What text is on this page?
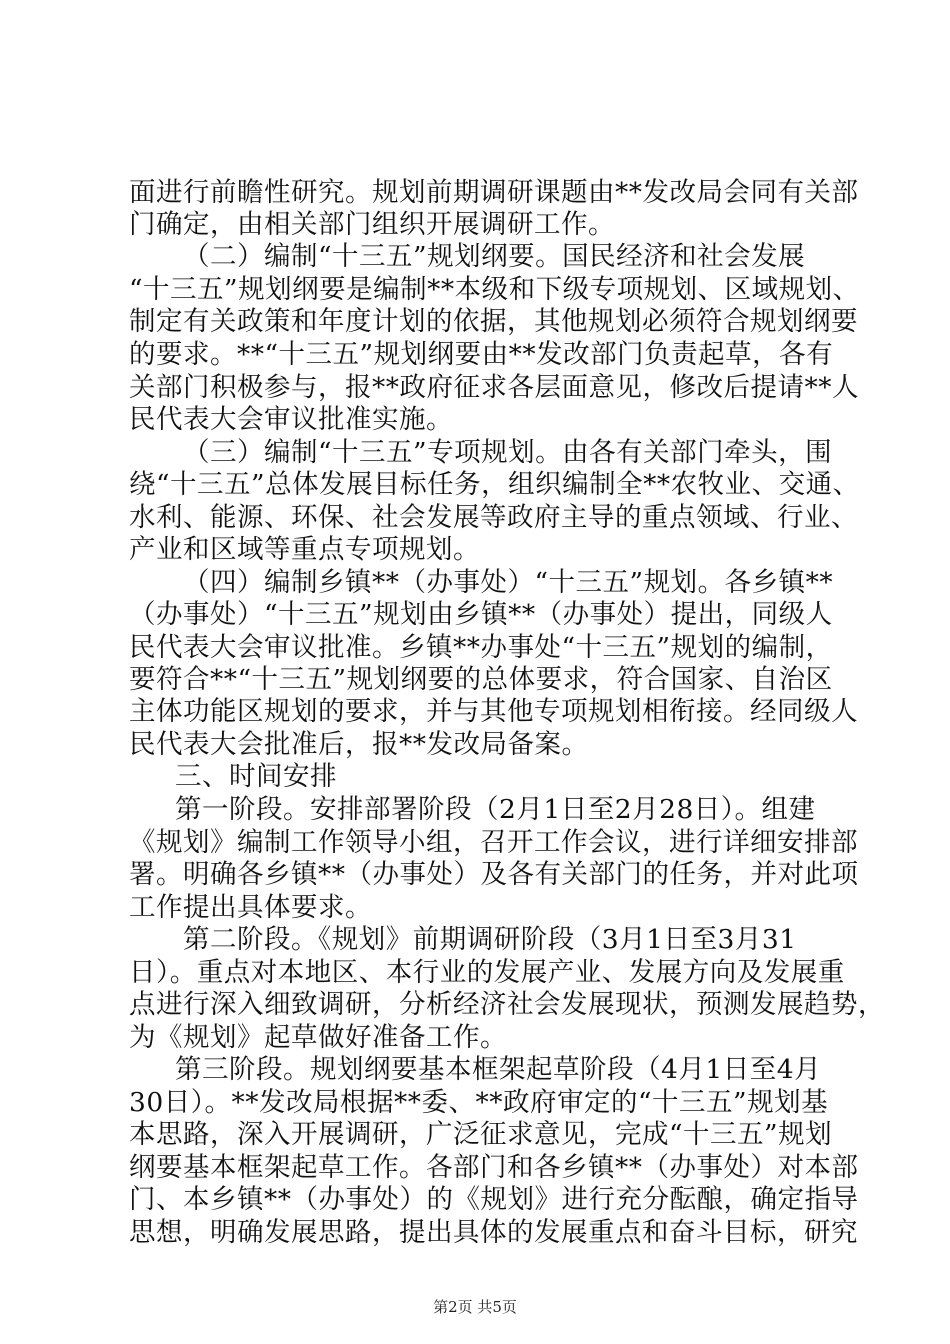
面进行前瞻性研究。规划前期调研课题由**发改局会同有关部
门确定，由相关部门组织开展调研工作。
（二）编制“十三五”规划纲要。国民经济和社会发展
“十三五”规划纲要是编制**本级和下级专项规划、区域规划、
制定有关政策和年度计划的依据，其他规划必须符合规划纲要
的要求。**“十三五”规划纲要由**发改部门负责起草，各有
关部门积极参与，报**政府征求各层面意见，修改后提请**人
民代表大会审议批准实施。
（三）编制“十三五”专项规划。由各有关部门牵头，围
绕“十三五”总体发展目标任务，组织编制全**农牧业、交通、
水利、能源、环保、社会发展等政府主导的重点领域、行业、
产业和区域等重点专项规划。
（四）编制乡镇**（办事处）“十三五”规划。各乡镇**
（办事处）“十三五”规划由乡镇**（办事处）提出，同级人
民代表大会审议批准。乡镇**办事处“十三五”规划的编制，
要符合**“十三五”规划纲要的总体要求，符合国家、自治区
主体功能区规划的要求，并与其他专项规划相衔接。经同级人
民代表大会批准后，报**发改局备案。
三、时间安排
第一阶段。安排部署阶段（2月1日至2月28日）。组建
《规划》编制工作领导小组，召开工作会议，进行详细安排部
署。明确各乡镇**（办事处）及各有关部门的任务，并对此项
工作提出具体要求。
第二阶段。《规划》前期调研阶段（3月1日至3月31
日）。重点对本地区、本行业的发展产业、发展方向及发展重
点进行深入细致调研，分析经济社会发展现状，预测发展趋势，
为《规划》起草做好准备工作。
第三阶段。规划纲要基本框架起草阶段（4月1日至4月
30日）。**发改局根据**委、**政府审定的“十三五”规划基
本思路，深入开展调研，广泛征求意见，完成“十三五”规划
纲要基本框架起草工作。各部门和各乡镇**（办事处）对本部
门、本乡镇**（办事处）的《规划》进行充分酝酿，确定指导
思想，明确发展思路，提出具体的发展重点和奋斗目标，研究
第2页 共5页
